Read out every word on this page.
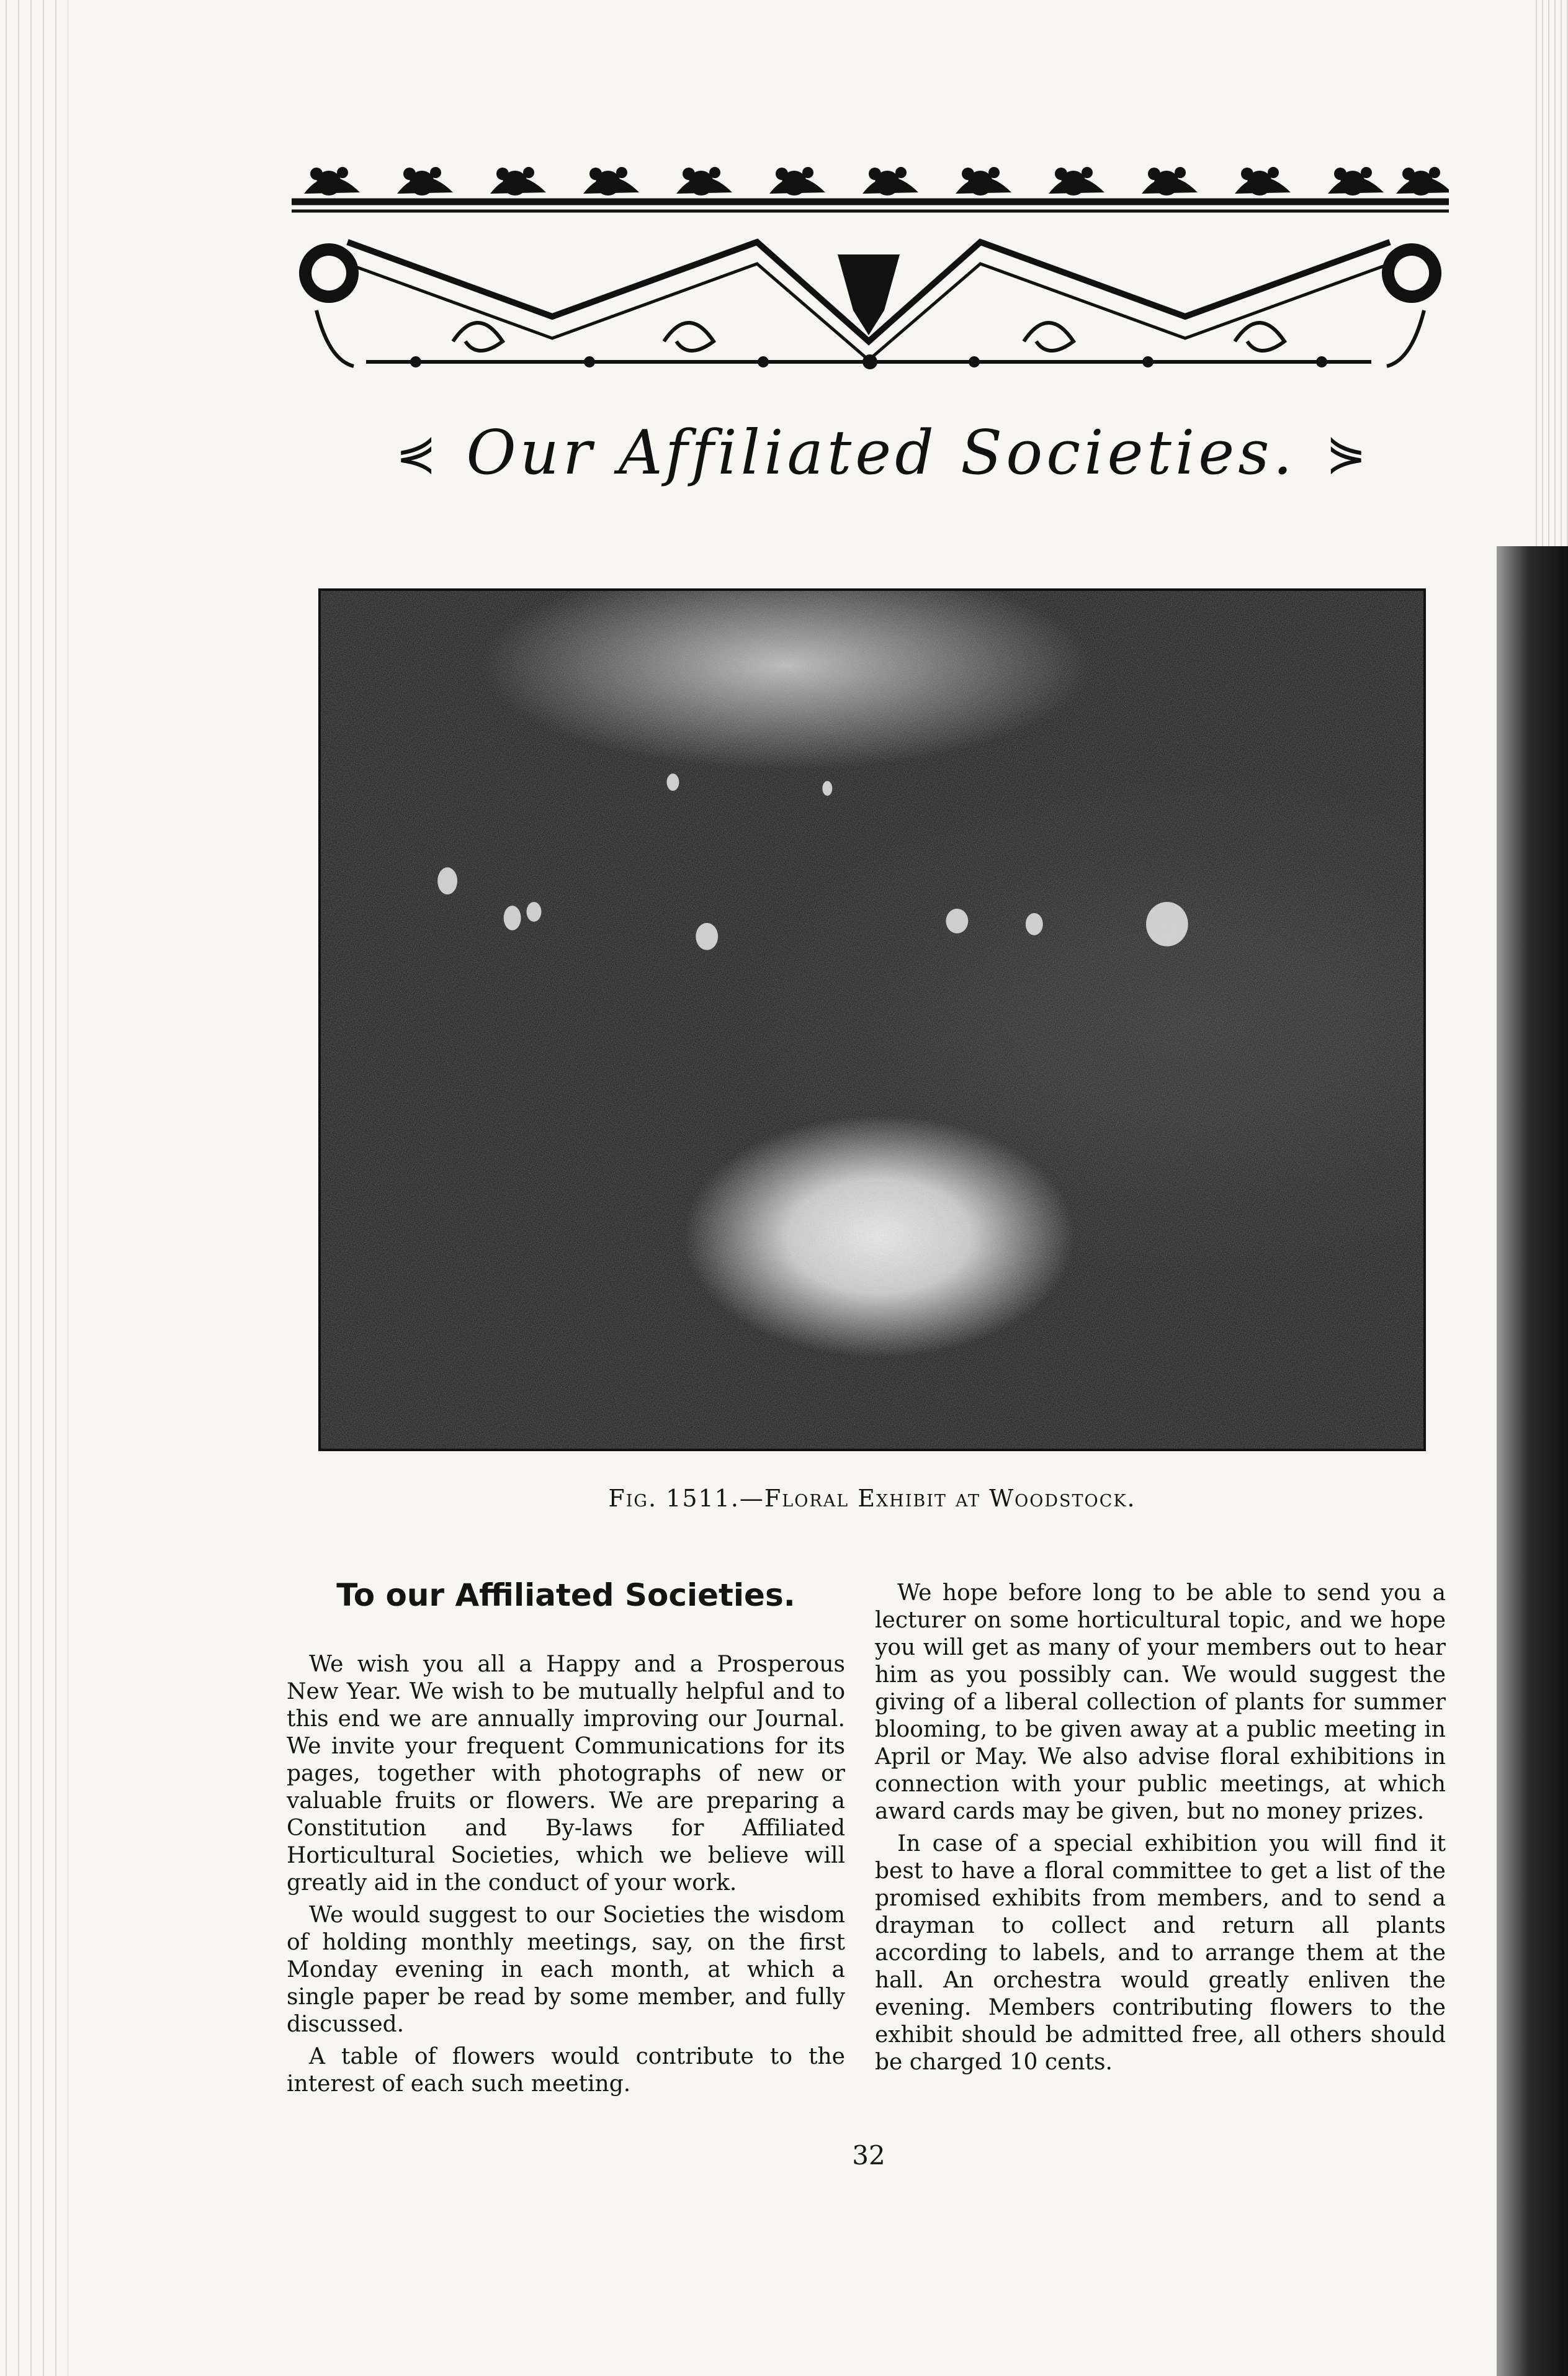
⋞ Our Affiliated Societies. ⋟
Fig. 1511.—Floral Exhibit at Woodstock.
To our Affiliated Societies.

We wish you all a Happy and a Prosperous New Year. We wish to be mutually helpful and to this end we are annually improving our Journal. We invite your frequent Communications for its pages, together with photographs of new or valuable fruits or flowers. We are preparing a Constitution and By-laws for Affiliated Horticultural Societies, which we believe will greatly aid in the conduct of your work.

We would suggest to our Societies the wisdom of holding monthly meetings, say, on the first Monday evening in each month, at which a single paper be read by some member, and fully discussed.

A table of flowers would contribute to the interest of each such meeting.

We hope before long to be able to send you a lecturer on some horticultural topic, and we hope you will get as many of your members out to hear him as you possibly can. We would suggest the giving of a liberal collection of plants for summer blooming, to be given away at a public meeting in April or May. We also advise floral exhibitions in connection with your public meetings, at which award cards may be given, but no money prizes.

In case of a special exhibition you will find it best to have a floral committee to get a list of the promised exhibits from members, and to send a drayman to collect and return all plants according to labels, and to arrange them at the hall. An orchestra would greatly enliven the evening. Members contributing flowers to the exhibit should be admitted free, all others should be charged 10 cents.

32
